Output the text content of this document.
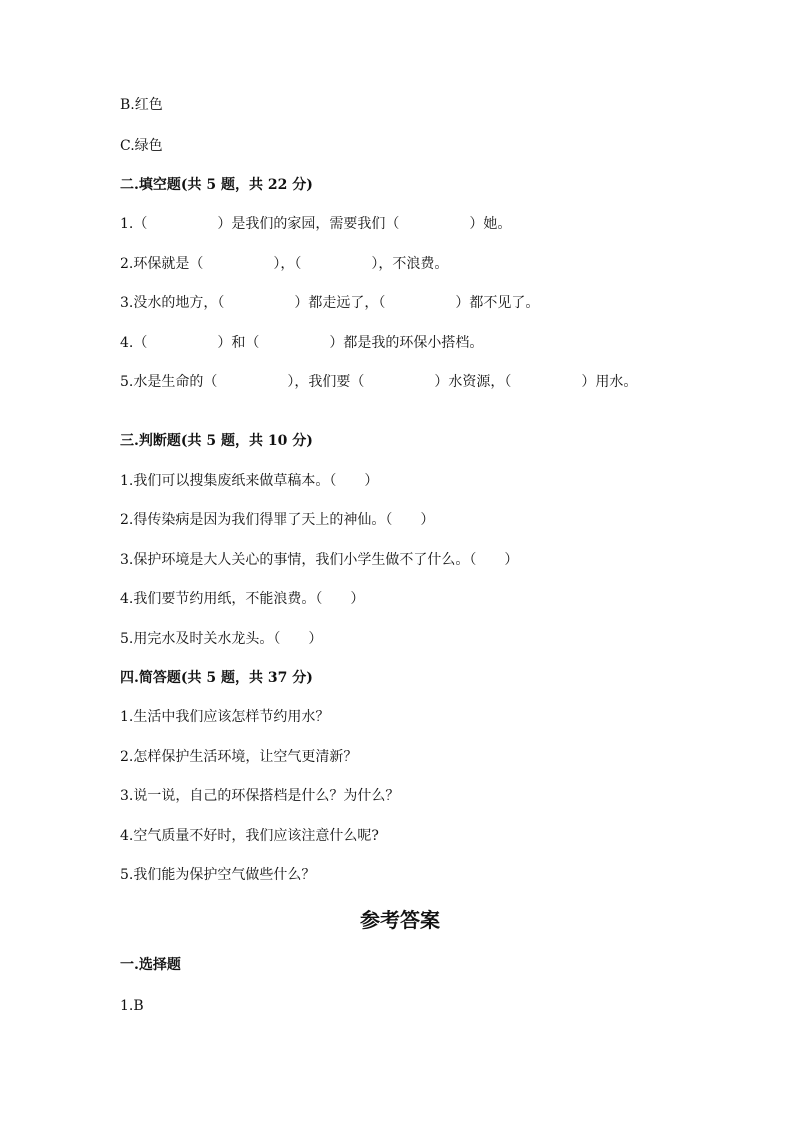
B.红色
C.绿色
二.填空题(共 5 题，共 22 分)
1.（　　　　　）是我们的家园，需要我们（　　　　　）她。
2.环保就是（　　　　　），（　　　　　），不浪费。
3.没水的地方，（　　　　　）都走远了，（　　　　　）都不见了。
4.（　　　　　）和（　　　　　）都是我的环保小搭档。
5.水是生命的（　　　　　），我们要（　　　　　）水资源，（　　　　　）用水。
三.判断题(共 5 题，共 10 分)
1.我们可以搜集废纸来做草稿本。（　　）
2.得传染病是因为我们得罪了天上的神仙。（　　）
3.保护环境是大人关心的事情，我们小学生做不了什么。（　　）
4.我们要节约用纸，不能浪费。（　　）
5.用完水及时关水龙头。（　　）
四.简答题(共 5 题，共 37 分)
1.生活中我们应该怎样节约用水？
2.怎样保护生活环境，让空气更清新？
3.说一说，自己的环保搭档是什么？为什么？
4.空气质量不好时，我们应该注意什么呢?
5.我们能为保护空气做些什么？
参考答案
一.选择题
1.B
